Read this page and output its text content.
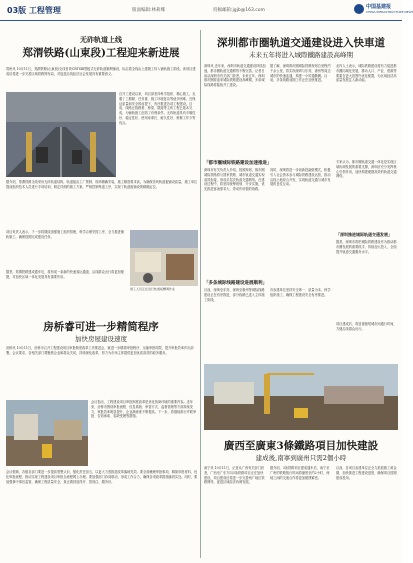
03版 工程管理	版面编辑:林莉娜	投稿邮箱:jgjb@163.com
中国基建报
CHINA INFRASTRUCTURE NEWS
无砟轨道上线
郑渭铁路(山東段)工程迎来新进展
郑州讯 10月11日，郑渭铁路(山東段)全线首块CRTSⅢ型板式无砟轨道顺利铺设，标志着全线由土建施工转入铺轨施工阶段。该项目建成后将进一步完善区域铁路网布局，对促进沿线经济社会发展具有重要意义。
自开工建设以来，项目部坚持科学组织、精心施工，克服了工期紧、任务重、施工环境复杂等诸多困难，在保证质量和安全的前提下，有序推进各项工程建设。目前，线路正线路基、桥梁、隧道等主体工程已基本完成，为铺轨施工创造了有利条件。无砟轨道具有平顺性好、稳定性好、使用寿命长、耐久性好、维修工作少等优点。
据介绍，郑渭铁路全线采用无砟轨道结构，轨道板由工厂预制、现场精确安装，施工精度要求高。为确保首块轨道板铺设质量，施工单位提前组织技术人员进行专项培训，制定详细的施工方案，严格控制每道工序，实现了轨道板铺设的精确定位。
项目负责人表示，下一步将继续加强施工组织管理，科学合理安排工序，全力推进铺轨施工，确保按期完成建设任务。
施工人员正在进行轨道板精调作业
据悉，郑渭铁路建成通车后，将形成一条新的快速客运通道，沿线群众出行将更加便捷，对加快区域一体化发展具有重要作用。
房桥睿可进一步精简程序
加快房屋建设速度
房桥讯 10月11日，房桥市召开工程建设项目审批制度改革工作推进会，就进一步精简审批程序、压缩审批时限、提升审批效率作出部署。会议要求，各相关部门要聚焦企业和群众关切，持续深化改革，努力为市场主体提供更加优质高效的政务服务。
会议指出，工程建设项目审批制度改革是优化营商环境的重要内容。近年来，房桥市围绕审批流程、信息系统、审管方式、监督管理等方面持续发力，审批效率明显提升，企业满意度不断提高。下一步，将继续推行并联审批、告知承诺、容缺受理等措施。
会议强调，各级各部门要进一步提高思想认识，强化责任担当，以更大力度推进改革落地见效。要全面梳理审批事项，精简申报材料，优化审批流程，推动实现工程建设项目审批全流程网上办理。要加强部门协同联动，形成工作合力，确保各项改革措施落到实处。同时，要加强事中事后监管，确保工程质量安全，真正做到放得开、管得住、服务好。
深圳都市圈轨道交通建设进入快車道
未来五年将进入城際鐵路建設高峰期
深圳讯 近年来，深圳市轨道交通建设持续加速，都市圈轨道交通网络不断完善。记者日前从深圳市有关部门获悉，未来五年，深圳都市圈将迎来城际铁路建设高峰期，多条城际线路将陆续开工建设。
据了解，深圳都市圈城际铁路规划总里程约千余公里，将实现深圳与东莞、惠州等周边城市的快速连通，构建一小时通勤圈。目前，多条线路前期工作正在加快推进。
业内人士表示，城际铁路建设将有力促进都市圈同城化发展，推动人口、产业、资源等要素在更大范围内优化配置，为区域经济高质量发展注入新动能。
「都市圈城际铁路建设加速推进」
深圳市有关负责人介绍，按照规划，都市圈城际铁路将与国家铁路、城市轨道交通实现高效衔接，形成多层次轨道交通网络。在建设过程中，将坚持统筹规划、分步实施，优先推进客流需求大、带动作用强的线路。
同时，深圳将进一步创新投融资模式，积极引入社会资本参与城际铁路建设运营，推动沿线土地综合开发，实现轨道交通与城市发展的良性互动。
专家认为，都市圈轨道交通一体化是实现区域协调发展的重要支撑，深圳应充分发挥核心引领作用，加快构建便捷高效的轨道交通网络。
「深圳推进城际轨道交通发展」
据悉，深圳市将把城际铁路建设作为推动都市圈发展的重要抓手，持续加大投入，全面提升轨道交通服务水平。
「多条城际线路建设进展顺利」
目前，深圳至东莞、深圳至惠州等城际线路建设正在有序推进，部分线路已进入主体施工阶段。
各参建单位坚持安全第一、质量为本，科学组织施工，确保工程建设安全有序推进。
项目建成后，将显著缩短城市间通行时间，方便沿线群众出行。
廣西至廣東3條鐵路項目加快建設
建成後,南寧到廣州只需2個小時
南宁讯 10月11日，记者从广西有关部门获悉，广西至广东方向3条铁路项目正在加快建设，项目建成后将进一步完善两广地区铁路网络，促进区域经济协调发展。
据介绍，3条铁路项目建成通车后，南宁至广州的铁路旅行时间将缩短至约2小时，两地之间的交流合作将更加便捷紧密。
目前，各项目参建单位正全力抢抓施工黄金期，加快推进工程建设进度，确保项目按期建成投用。
